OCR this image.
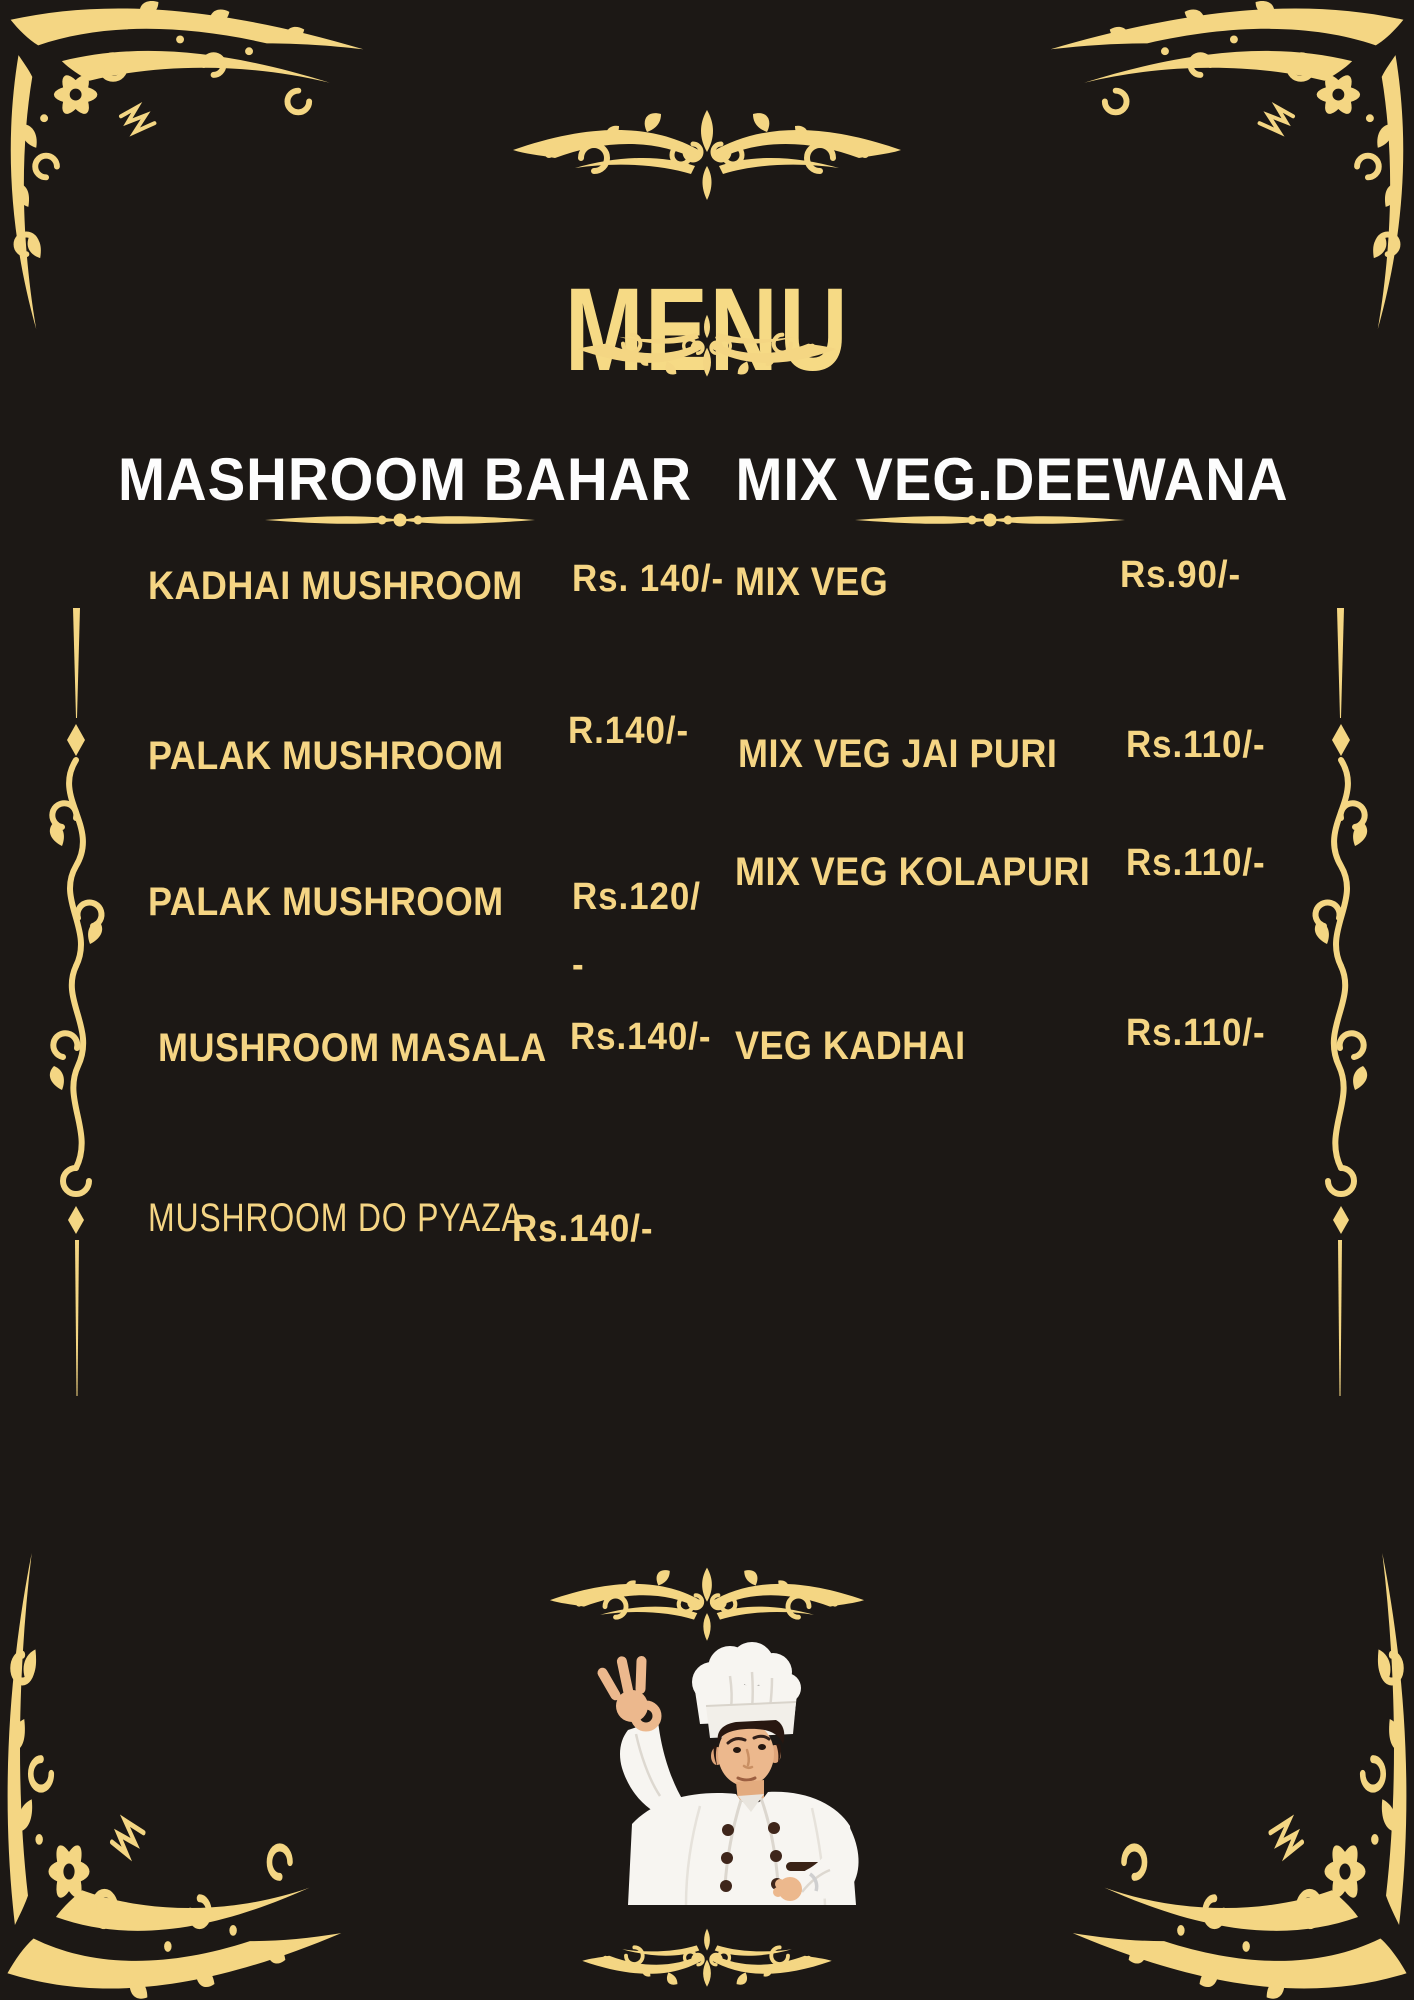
MENU
MASHROOM BAHAR MIX VEG.DEEWANA
KADHAI MUSHROOM Rs. 140/-
PALAK MUSHROOM
R.140/-
PALAK MUSHROOM Rs.120/
-
MUSHROOM MASALA Rs.140/-
MUSHROOM DO PYAZA
Rs.140/-
MIX VEG	Rs.90/-
MIX VEG JAI PURI Rs.110/-
MIX VEG KOLAPURI Rs.110/-
VEG KADHAI	Rs.110/-
